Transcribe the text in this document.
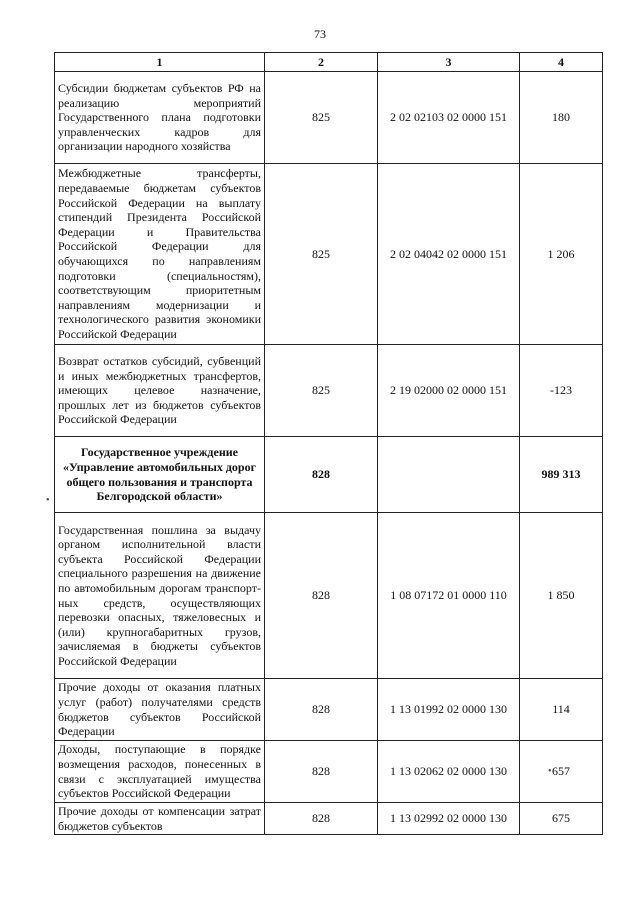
73
1	2	3	4
Субсидии бюджетам субъектов РФ на реализацию мероприятий Государственного плана подготовки управленческих кадров для организации народного хозяйства	825	2 02 02103 02 0000 151	180
Межбюджетные трансферты, передаваемые бюджетам субъектов Российской Федерации на выплату стипендий Президента Российской Федерации и Правительства Российской Федерации для обучающихся по направлениям подготовки (специальностям), соответствующим приоритетным направлениям модернизации и технологического развития экономики Российской Федерации	825	2 02 04042 02 0000 151	1 206
Возврат остатков субсидий, субвенций и иных межбюджетных трансфертов, имеющих целевое назначение, прошлых лет из бюджетов субъектов Российской Федерации	825	2 19 02000 02 0000 151	-123
Государственное учреждение «Управление автомобильных дорог общего пользования и транспорта Белгородской области»	828		989 313
Государственная пошлина за выдачу органом исполнительной власти субъекта Российской Федерации специального разрешения на движение по автомобильным дорогам транспорт-ных средств, осуществляющих перевозки опасных, тяжеловесных и (или) крупногабаритных грузов, зачисляемая в бюджеты субъектов Российской Федерации	828	1 08 07172 01 0000 110	1 850
Прочие доходы от оказания платных услуг (работ) получателями средств бюджетов субъектов Российской Федерации	828	1 13 01992 02 0000 130	114
Доходы, поступающие в порядке возмещения расходов, понесенных в связи с эксплуатацией имущества субъектов Российской Федерации	828	1 13 02062 02 0000 130	657
Прочие доходы от компенсации затрат бюджетов субъектов	828	1 13 02992 02 0000 130	675
•
•
